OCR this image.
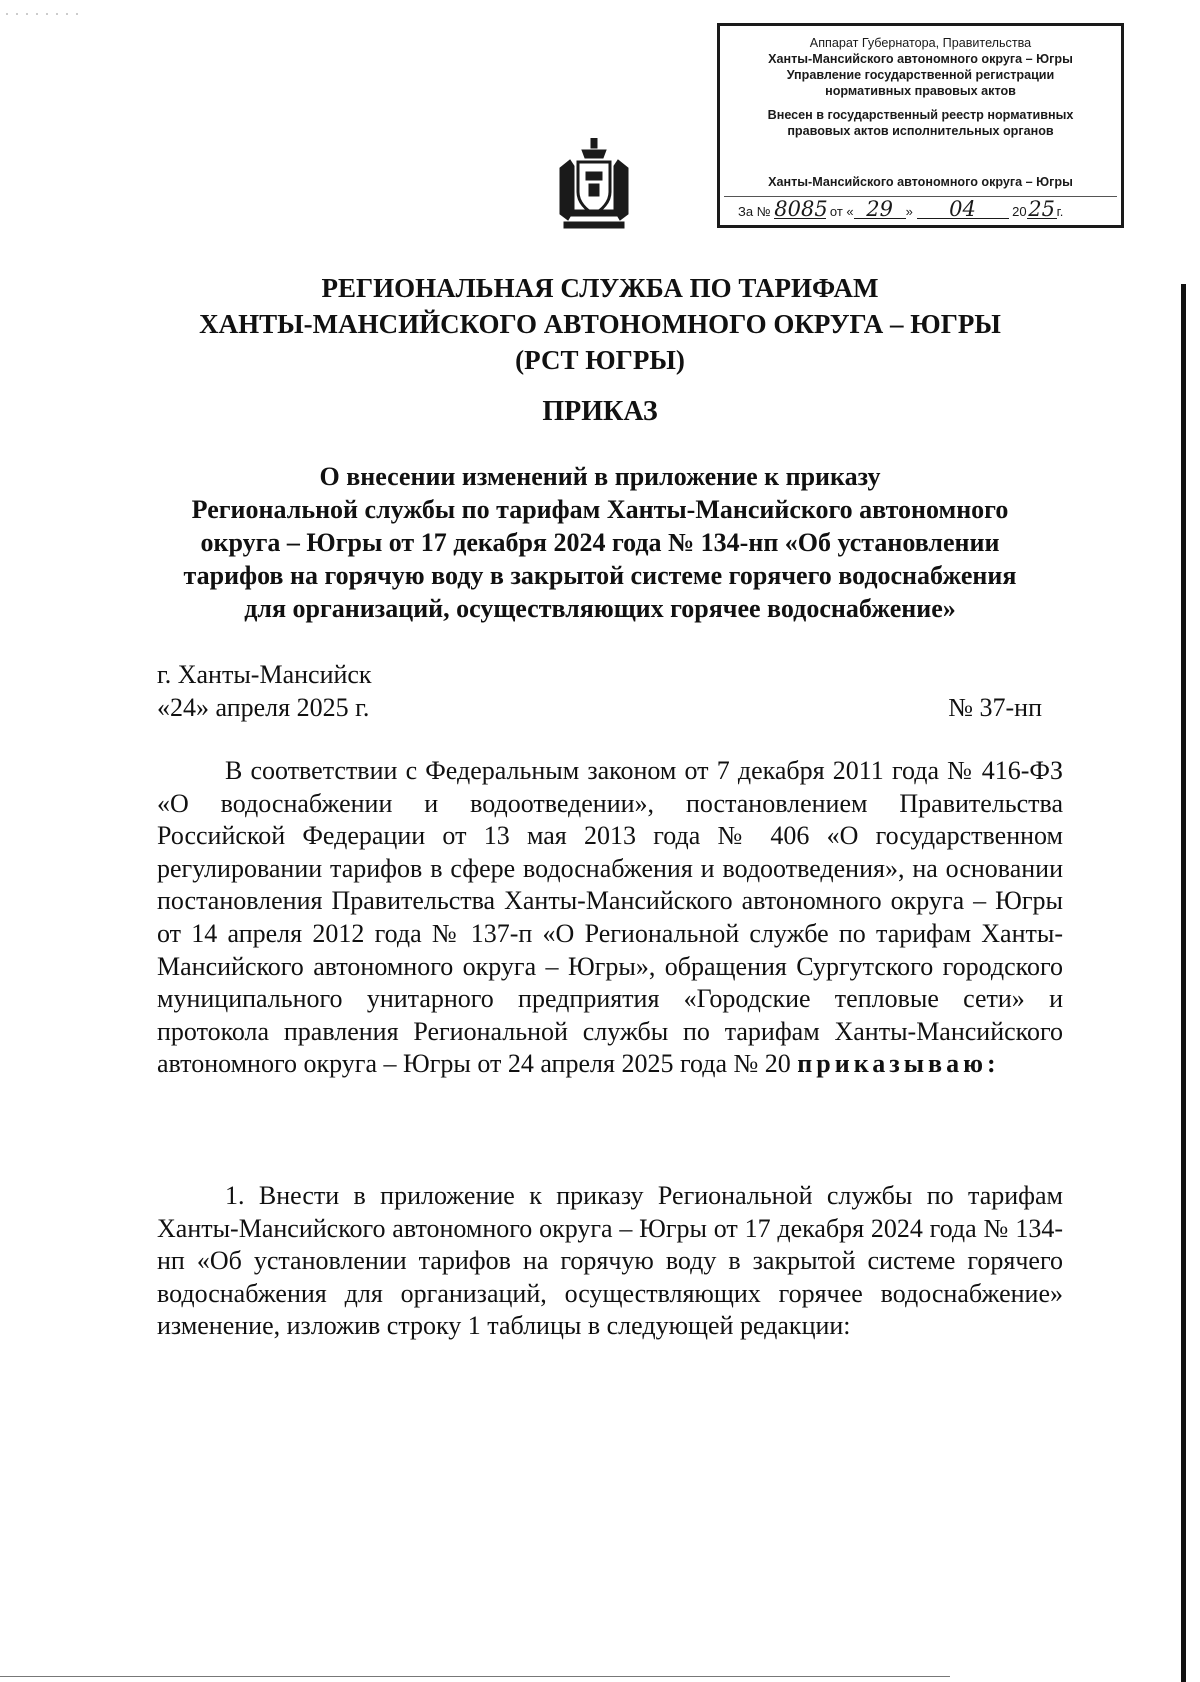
Аппарат Губернатора, Правительства
Ханты-Мансийского автономного округа – Югры
Управление государственной регистрации
нормативных правовых актов
Внесен в государственный реестр нормативных
правовых актов исполнительных органов
Ханты-Мансийского автономного округа – Югры
За № 8085 от « 29 » 04	2025 г.
РЕГИОНАЛЬНАЯ СЛУЖБА ПО ТАРИФАМ
ХАНТЫ-МАНСИЙСКОГО АВТОНОМНОГО ОКРУГА – ЮГРЫ
(РСТ ЮГРЫ)
ПРИКАЗ
О внесении изменений в приложение к приказу
Региональной службы по тарифам Ханты-Мансийского автономного
округа – Югры от 17 декабря 2024 года № 134-нп «Об установлении
тарифов на горячую воду в закрытой системе горячего водоснабжения
для организаций, осуществляющих горячее водоснабжение»
г. Ханты-Мансийск
«24» апреля 2025 г.	№ 37-нп

В соответствии с Федеральным законом от 7 декабря 2011 года № 416-ФЗ «О водоснабжении и водоотведении», постановлением Правительства Российской Федерации от 13 мая 2013 года № 406 «О государственном регулировании тарифов в сфере водоснабжения и водоотведения», на основании постановления Правительства Ханты-Мансийского автономного округа – Югры от 14 апреля 2012 года № 137-п «О Региональной службе по тарифам Ханты-Мансийского автономного округа – Югры», обращения Сургутского городского муниципального унитарного предприятия «Городские тепловые сети» и протокола правления Региональной службы по тарифам Ханты-Мансийского автономного округа – Югры от 24 апреля 2025 года № 20 приказываю:

1. Внести в приложение к приказу Региональной службы по тарифам Ханты-Мансийского автономного округа – Югры от 17 декабря 2024 года № 134-нп «Об установлении тарифов на горячую воду в закрытой системе горячего водоснабжения для организаций, осуществляющих горячее водоснабжение» изменение, изложив строку 1 таблицы в следующей редакции:
